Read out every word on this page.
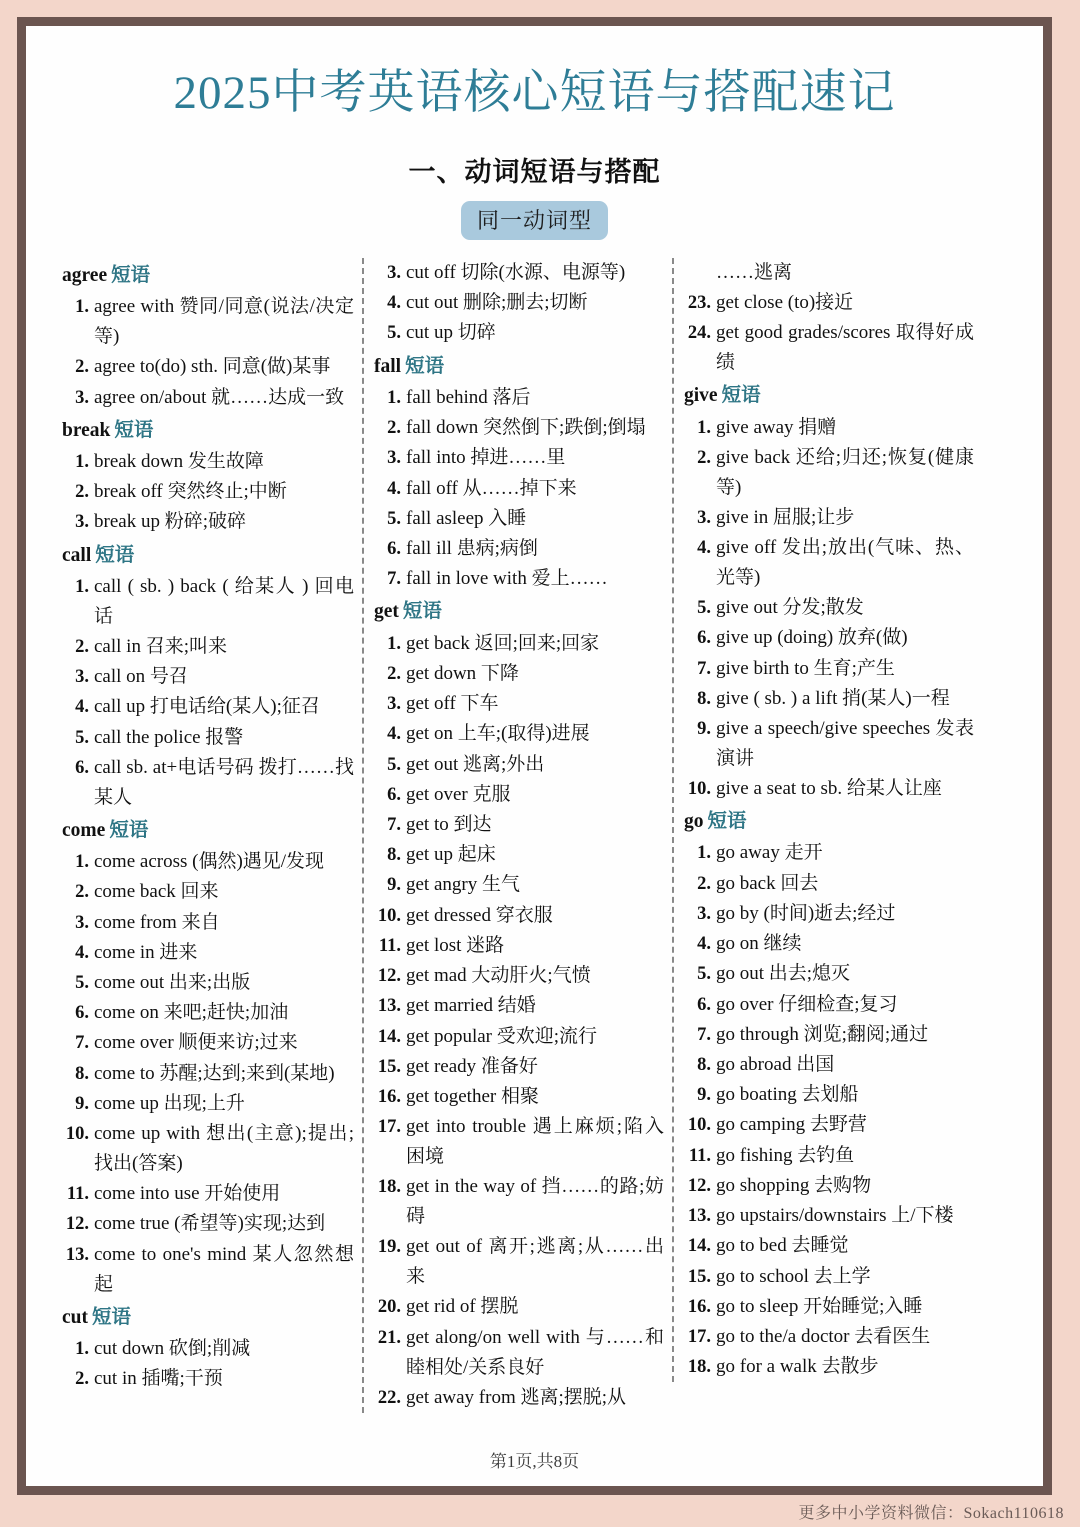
2025中考英语核心短语与搭配速记
一、动词短语与搭配
同一动词型
agree 短语
1. agree with 赞同/同意(说法/决定等)
2. agree to(do) sth. 同意(做)某事
3. agree on/about 就……达成一致
break 短语
1. break down 发生故障
2. break off 突然终止;中断
3. break up 粉碎;破碎
call 短语
1. call ( sb. ) back ( 给某人 ) 回电话
2. call in 召来;叫来
3. call on 号召
4. call up 打电话给(某人);征召
5. call the police 报警
6. call sb. at+电话号码 拨打……找某人
come 短语
1. come across (偶然)遇见/发现
2. come back 回来
3. come from 来自
4. come in 进来
5. come out 出来;出版
6. come on 来吧;赶快;加油
7. come over 顺便来访;过来
8. come to 苏醒;达到;来到(某地)
9. come up 出现;上升
10. come up with 想出(主意);提出;找出(答案)
11. come into use 开始使用
12. come true (希望等)实现;达到
13. come to one's mind 某人忽然想起
cut 短语
1. cut down 砍倒;削减
2. cut in 插嘴;干预
3. cut off 切除(水源、电源等)
4. cut out 删除;删去;切断
5. cut up 切碎
fall 短语
1. fall behind 落后
2. fall down 突然倒下;跌倒;倒塌
3. fall into 掉进……里
4. fall off 从……掉下来
5. fall asleep 入睡
6. fall ill 患病;病倒
7. fall in love with 爱上……
get 短语
1. get back 返回;回来;回家
2. get down 下降
3. get off 下车
4. get on 上车;(取得)进展
5. get out 逃离;外出
6. get over 克服
7. get to 到达
8. get up 起床
9. get angry 生气
10. get dressed 穿衣服
11. get lost 迷路
12. get mad 大动肝火;气愤
13. get married 结婚
14. get popular 受欢迎;流行
15. get ready 准备好
16. get together 相聚
17. get into trouble 遇上麻烦;陷入困境
18. get in the way of 挡……的路;妨碍
19. get out of 离开;逃离;从……出来
20. get rid of 摆脱
21. get along/on well with 与……和睦相处/关系良好
22. get away from 逃离;摆脱;从
……逃离
23. get close (to)接近
24. get good grades/scores 取得好成绩
give 短语
1. give away 捐赠
2. give back 还给;归还;恢复(健康等)
3. give in 屈服;让步
4. give off 发出;放出(气味、热、光等)
5. give out 分发;散发
6. give up (doing) 放弃(做)
7. give birth to 生育;产生
8. give ( sb. ) a lift 捎(某人)一程
9. give a speech/give speeches 发表演讲
10. give a seat to sb. 给某人让座
go 短语
1. go away 走开
2. go back 回去
3. go by (时间)逝去;经过
4. go on 继续
5. go out 出去;熄灭
6. go over 仔细检查;复习
7. go through 浏览;翻阅;通过
8. go abroad 出国
9. go boating 去划船
10. go camping 去野营
11. go fishing 去钓鱼
12. go shopping 去购物
13. go upstairs/downstairs 上/下楼
14. go to bed 去睡觉
15. go to school 去上学
16. go to sleep 开始睡觉;入睡
17. go to the/a doctor 去看医生
18. go for a walk 去散步
第1页,共8页
更多中小学资料微信：Sokach110618
